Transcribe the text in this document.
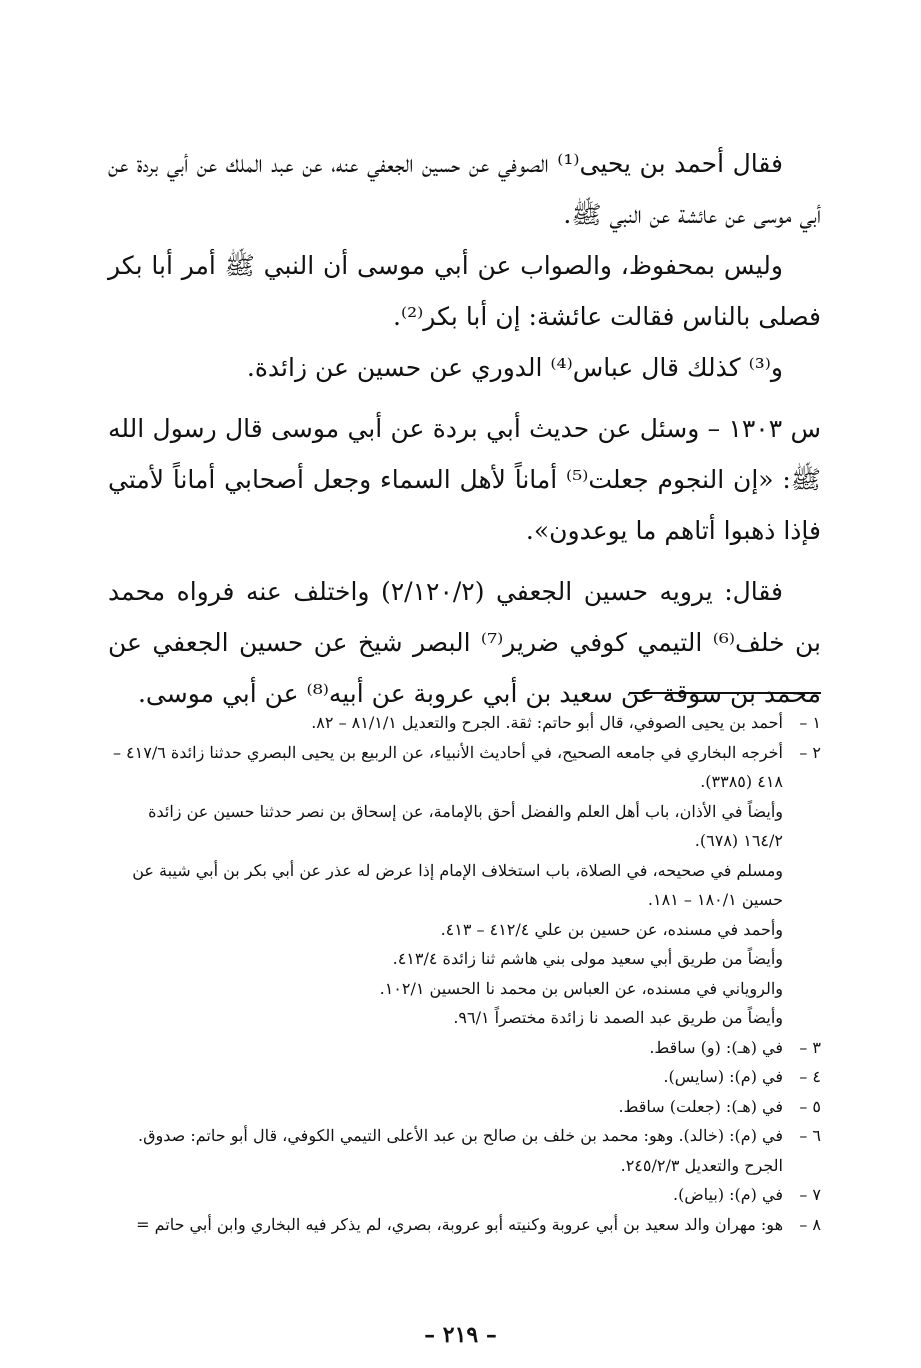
فقال أحمد بن يحيى⁽¹⁾ الصوفي عن حسين الجعفي عنه، عن عبد الملك عن أبي بردة عن أبي موسى عن عائشة عن النبي ﷺ.

وليس بمحفوظ، والصواب عن أبي موسى أن النبي ﷺ أمر أبا بكر فصلى بالناس فقالت عائشة: إن أبا بكر⁽²⁾.

و⁽³⁾ كذلك قال عباس⁽⁴⁾ الدوري عن حسين عن زائدة.

س ١٣٠٣ – وسئل عن حديث أبي بردة عن أبي موسى قال رسول الله ﷺ: «إن النجوم جعلت⁽⁵⁾ أماناً لأهل السماء وجعل أصحابي أماناً لأمتي فإذا ذهبوا أتاهم ما يوعدون».

فقال: يرويه حسين الجعفي (٢/١٢٠/٢) واختلف عنه فرواه محمد بن خلف⁽⁶⁾ التيمي كوفي ضرير⁽⁷⁾ البصر شيخ عن حسين الجعفي عن محمد بن سوقة عن سعيد بن أبي عروبة عن أبيه⁽⁸⁾ عن أبي موسى.

١ –
أحمد بن يحيى الصوفي، قال أبو حاتم: ثقة. الجرح والتعديل ٨١/١/١ – ٨٢.
٢ –
أخرجه البخاري في جامعه الصحيح، في أحاديث الأنبياء، عن الربيع بن يحيى البصري حدثنا زائدة ٤١٧/٦ – ٤١٨ (٣٣٨٥).
وأيضاً في الأذان، باب أهل العلم والفضل أحق بالإمامة، عن إسحاق بن نصر حدثنا حسين عن زائدة ١٦٤/٢ (٦٧٨).
ومسلم في صحيحه، في الصلاة، باب استخلاف الإمام إذا عرض له عذر عن أبي بكر بن أبي شيبة عن حسين ١٨٠/١ – ١٨١.
وأحمد في مسنده، عن حسين بن علي ٤١٢/٤ – ٤١٣.
وأيضاً من طريق أبي سعيد مولى بني هاشم ثنا زائدة ٤١٣/٤.
والروياني في مسنده، عن العباس بن محمد نا الحسين ١٠٢/١.
وأيضاً من طريق عبد الصمد نا زائدة مختصراً ٩٦/١.
٣ –
في (هـ): (و) ساقط.
٤ –
في (م): (سايس).
٥ –
في (هـ): (جعلت) ساقط.
٦ –
في (م): (خالد). وهو: محمد بن خلف بن صالح بن عبد الأعلى التيمي الكوفي، قال أبو حاتم: صدوق. الجرح والتعديل ٢٤٥/٢/٣.
٧ –
في (م): (بياض).
٨ –
هو: مهران والد سعيد بن أبي عروبة وكنيته أبو عروبة، بصري، لم يذكر فيه البخاري وابن أبي حاتم =
– ٢١٩ –
